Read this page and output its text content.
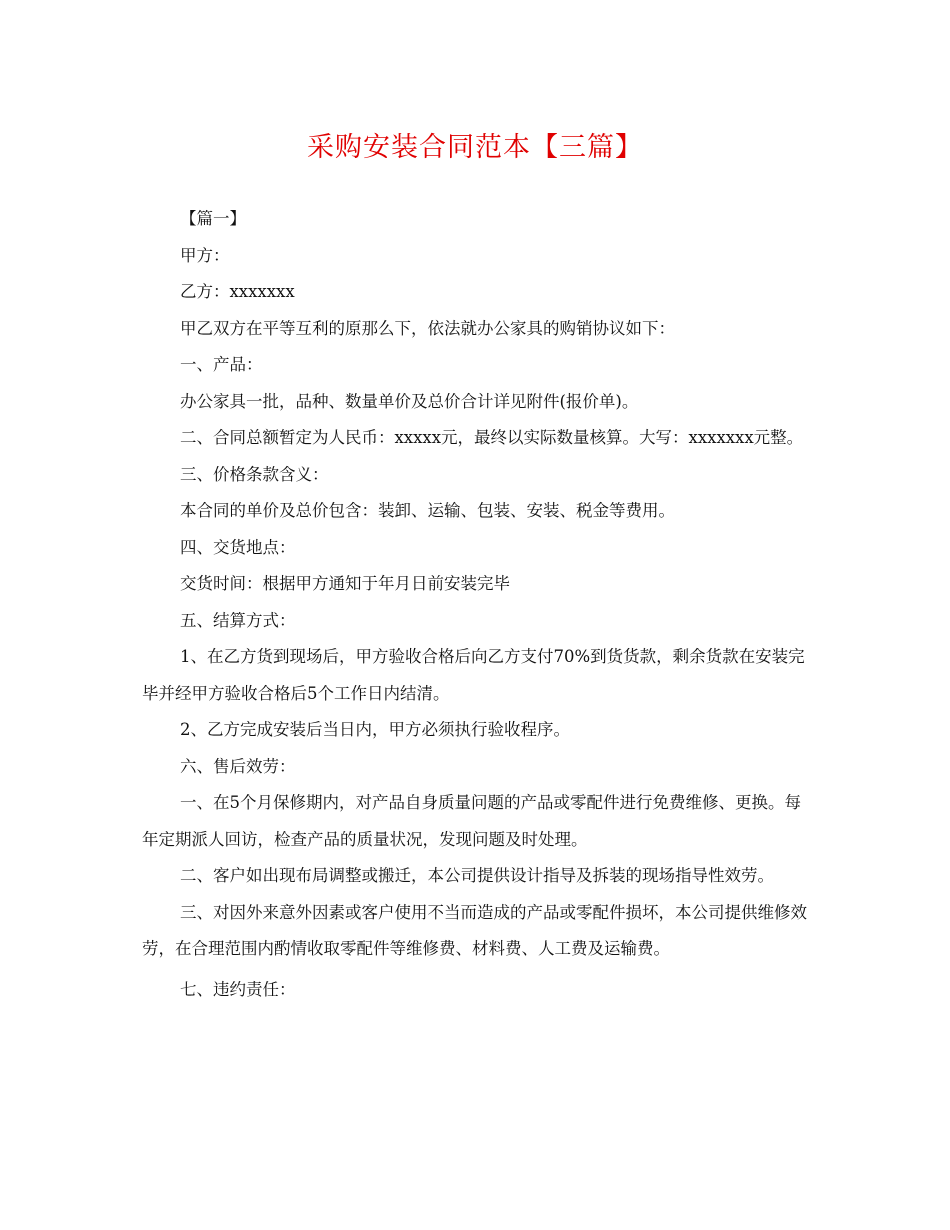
采购安装合同范本【三篇】

【篇一】

甲方：

乙方：xxxxxxx

甲乙双方在平等互利的原那么下，依法就办公家具的购销协议如下：

一、产品：

办公家具一批，品种、数量单价及总价合计详见附件(报价单)。

二、合同总额暂定为人民币：xxxxx元，最终以实际数量核算。大写：xxxxxxx元整。

三、价格条款含义：

本合同的单价及总价包含：装卸、运输、包装、安装、税金等费用。

四、交货地点：

交货时间：根据甲方通知于年月日前安装完毕

五、结算方式：

1、在乙方货到现场后，甲方验收合格后向乙方支付70%到货货款，剩余货款在安装完毕并经甲方验收合格后5个工作日内结清。

2、乙方完成安装后当日内，甲方必须执行验收程序。

六、售后效劳：

一、在5个月保修期内，对产品自身质量问题的产品或零配件进行免费维修、更换。每年定期派人回访，检查产品的质量状况，发现问题及时处理。

二、客户如出现布局调整或搬迁，本公司提供设计指导及拆装的现场指导性效劳。

三、对因外来意外因素或客户使用不当而造成的产品或零配件损坏，本公司提供维修效劳，在合理范围内酌情收取零配件等维修费、材料费、人工费及运输费。

七、违约责任：
